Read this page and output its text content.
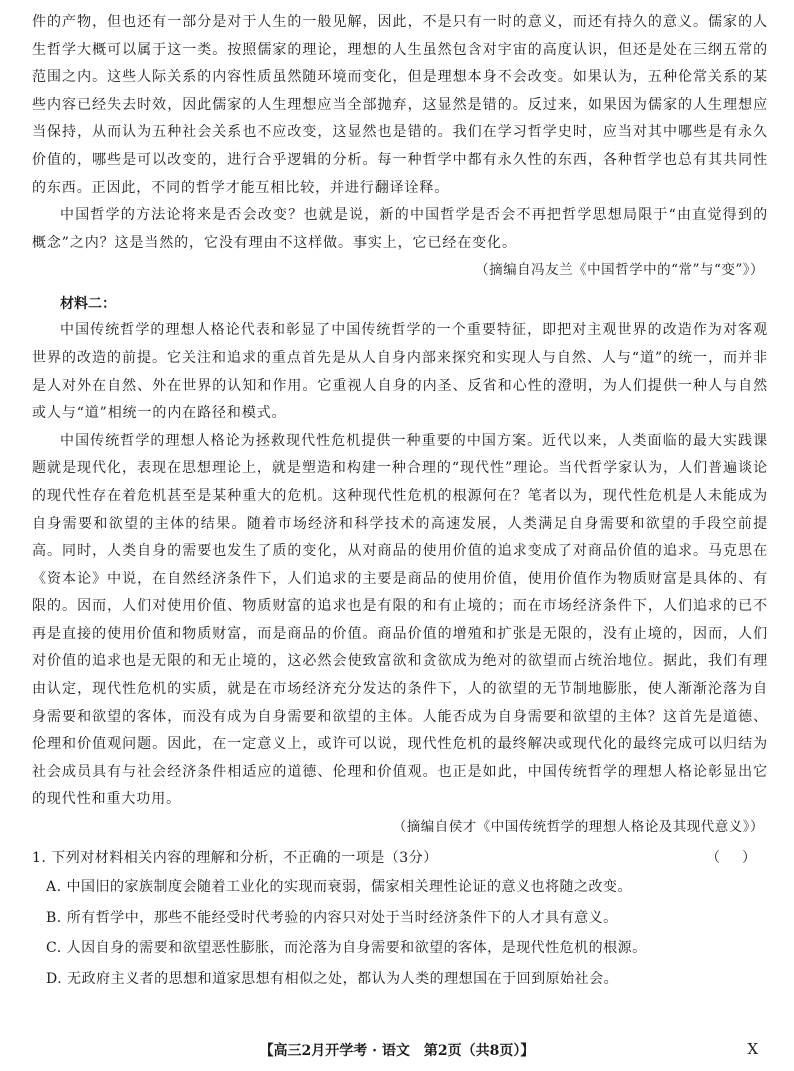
件的产物，但也还有一部分是对于人生的一般见解，因此，不是只有一时的意义，而还有持久的意义。儒家的人生哲学大概可以属于这一类。按照儒家的理论，理想的人生虽然包含对宇宙的高度认识，但还是处在三纲五常的范围之内。这些人际关系的内容性质虽然随环境而变化，但是理想本身不会改变。如果认为，五种伦常关系的某些内容已经失去时效，因此儒家的人生理想应当全部抛弃，这显然是错的。反过来，如果因为儒家的人生理想应当保持，从而认为五种社会关系也不应改变，这显然也是错的。我们在学习哲学史时，应当对其中哪些是有永久价值的，哪些是可以改变的，进行合乎逻辑的分析。每一种哲学中都有永久性的东西，各种哲学也总有其共同性的东西。正因此，不同的哲学才能互相比较，并进行翻译诠释。

中国哲学的方法论将来是否会改变？也就是说，新的中国哲学是否会不再把哲学思想局限于“由直觉得到的概念”之内？这是当然的，它没有理由不这样做。事实上，它已经在变化。

（摘编自冯友兰《中国哲学中的“常”与“变”》）

材料二：

中国传统哲学的理想人格论代表和彰显了中国传统哲学的一个重要特征，即把对主观世界的改造作为对客观世界的改造的前提。它关注和追求的重点首先是从人自身内部来探究和实现人与自然、人与“道”的统一，而并非是人对外在自然、外在世界的认知和作用。它重视人自身的内圣、反省和心性的澄明，为人们提供一种人与自然或人与“道”相统一的内在路径和模式。

中国传统哲学的理想人格论为拯救现代性危机提供一种重要的中国方案。近代以来，人类面临的最大实践课题就是现代化，表现在思想理论上，就是塑造和构建一种合理的“现代性”理论。当代哲学家认为，人们普遍谈论的现代性存在着危机甚至是某种重大的危机。这种现代性危机的根源何在？笔者以为，现代性危机是人未能成为自身需要和欲望的主体的结果。随着市场经济和科学技术的高速发展，人类满足自身需要和欲望的手段空前提高。同时，人类自身的需要也发生了质的变化，从对商品的使用价值的追求变成了对商品价值的追求。马克思在《资本论》中说，在自然经济条件下，人们追求的主要是商品的使用价值，使用价值作为物质财富是具体的、有限的。因而，人们对使用价值、物质财富的追求也是有限的和有止境的；而在市场经济条件下，人们追求的已不再是直接的使用价值和物质财富，而是商品的价值。商品价值的增殖和扩张是无限的，没有止境的，因而，人们对价值的追求也是无限的和无止境的，这必然会使致富欲和贪欲成为绝对的欲望而占统治地位。据此，我们有理由认定，现代性危机的实质，就是在市场经济充分发达的条件下，人的欲望的无节制地膨胀，使人渐渐沦落为自身需要和欲望的客体，而没有成为自身需要和欲望的主体。人能否成为自身需要和欲望的主体？这首先是道德、伦理和价值观问题。因此，在一定意义上，或许可以说，现代性危机的最终解决或现代化的最终完成可以归结为社会成员具有与社会经济条件相适应的道德、伦理和价值观。也正是如此，中国传统哲学的理想人格论彰显出它的现代性和重大功用。

（摘编自侯才《中国传统哲学的理想人格论及其现代意义》）

1. 下列对材料相关内容的理解和分析，不正确的一项是（3分）	（　）

A. 中国旧的家族制度会随着工业化的实现而衰弱，儒家相关理性论证的意义也将随之改变。

B. 所有哲学中，那些不能经受时代考验的内容只对处于当时经济条件下的人才具有意义。

C. 人因自身的需要和欲望恶性膨胀，而沦落为自身需要和欲望的客体，是现代性危机的根源。

D. 无政府主义者的思想和道家思想有相似之处，都认为人类的理想国在于回到原始社会。

【高三2月开学考 · 语文　第2页（共8页）】	X
